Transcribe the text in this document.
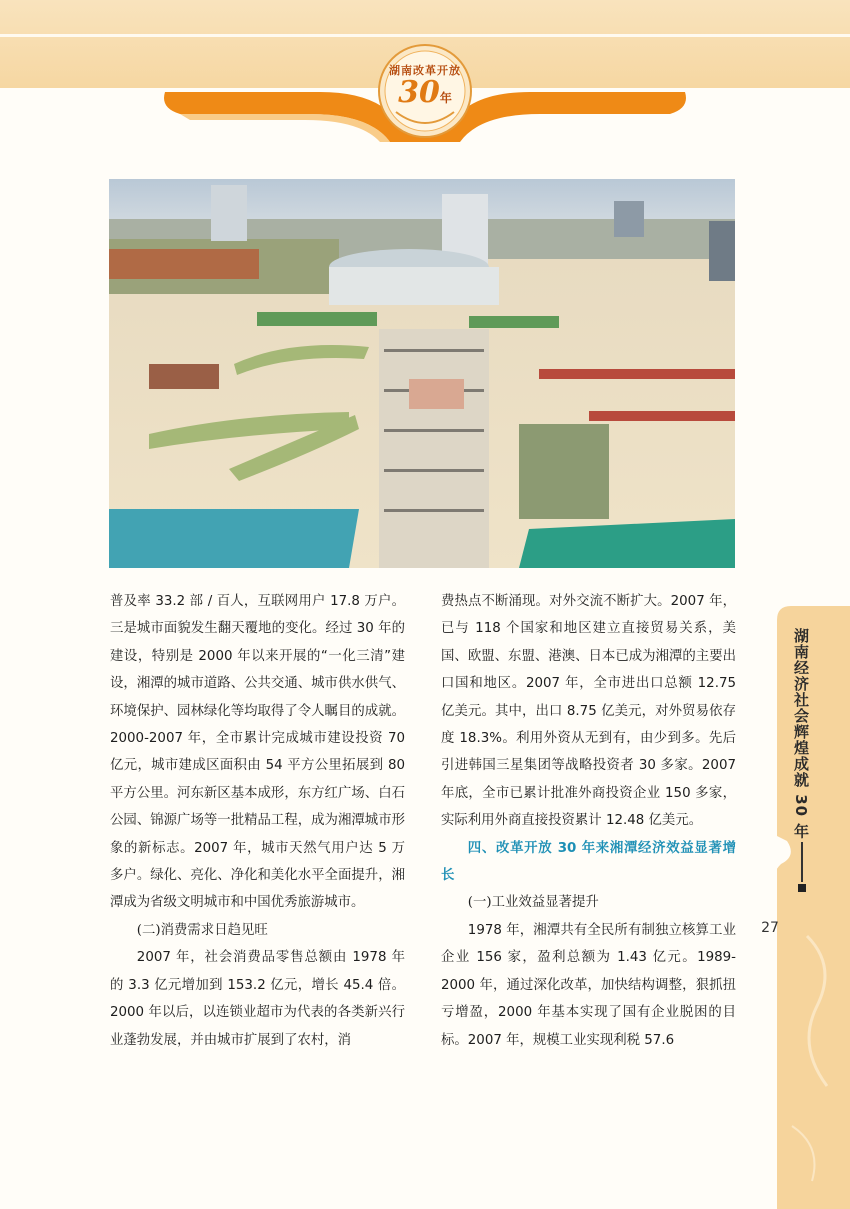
湖南改革开放
30年

普及率 33.2 部 / 百人，互联网用户 17.8 万户。三是城市面貌发生翻天覆地的变化。经过 30 年的建设，特别是 2000 年以来开展的“一化三清”建设，湘潭的城市道路、公共交通、城市供水供气、环境保护、园林绿化等均取得了令人瞩目的成就。2000-2007 年，全市累计完成城市建设投资 70 亿元，城市建成区面积由 54 平方公里拓展到 80 平方公里。河东新区基本成形，东方红广场、白石公园、锦源广场等一批精品工程，成为湘潭城市形象的新标志。2007 年，城市天然气用户达 5 万多户。绿化、亮化、净化和美化水平全面提升，湘潭成为省级文明城市和中国优秀旅游城市。

(二)消费需求日趋见旺

2007 年，社会消费品零售总额由 1978 年的 3.3 亿元增加到 153.2 亿元，增长 45.4 倍。2000 年以后，以连锁业超市为代表的各类新兴行业蓬勃发展，并由城市扩展到了农村，消

费热点不断涌现。对外交流不断扩大。2007 年，已与 118 个国家和地区建立直接贸易关系，美国、欧盟、东盟、港澳、日本已成为湘潭的主要出口国和地区。2007 年，全市进出口总额 12.75 亿美元。其中，出口 8.75 亿美元，对外贸易依存度 18.3%。利用外资从无到有，由少到多。先后引进韩国三星集团等战略投资者 30 多家。2007 年底，全市已累计批准外商投资企业 150 多家，实际利用外商直接投资累计 12.48 亿美元。

四、改革开放 30 年来湘潭经济效益显著增长

(一)工业效益显著提升

1978 年，湘潭共有全民所有制独立核算工业企业 156 家，盈利总额为 1.43 亿元。1989-2000 年，通过深化改革，加快结构调整，狠抓扭亏增盈，2000 年基本实现了国有企业脱困的目标。2007 年，规模工业实现利税 57.6

湖南经济社会辉煌成就 30 年
27
